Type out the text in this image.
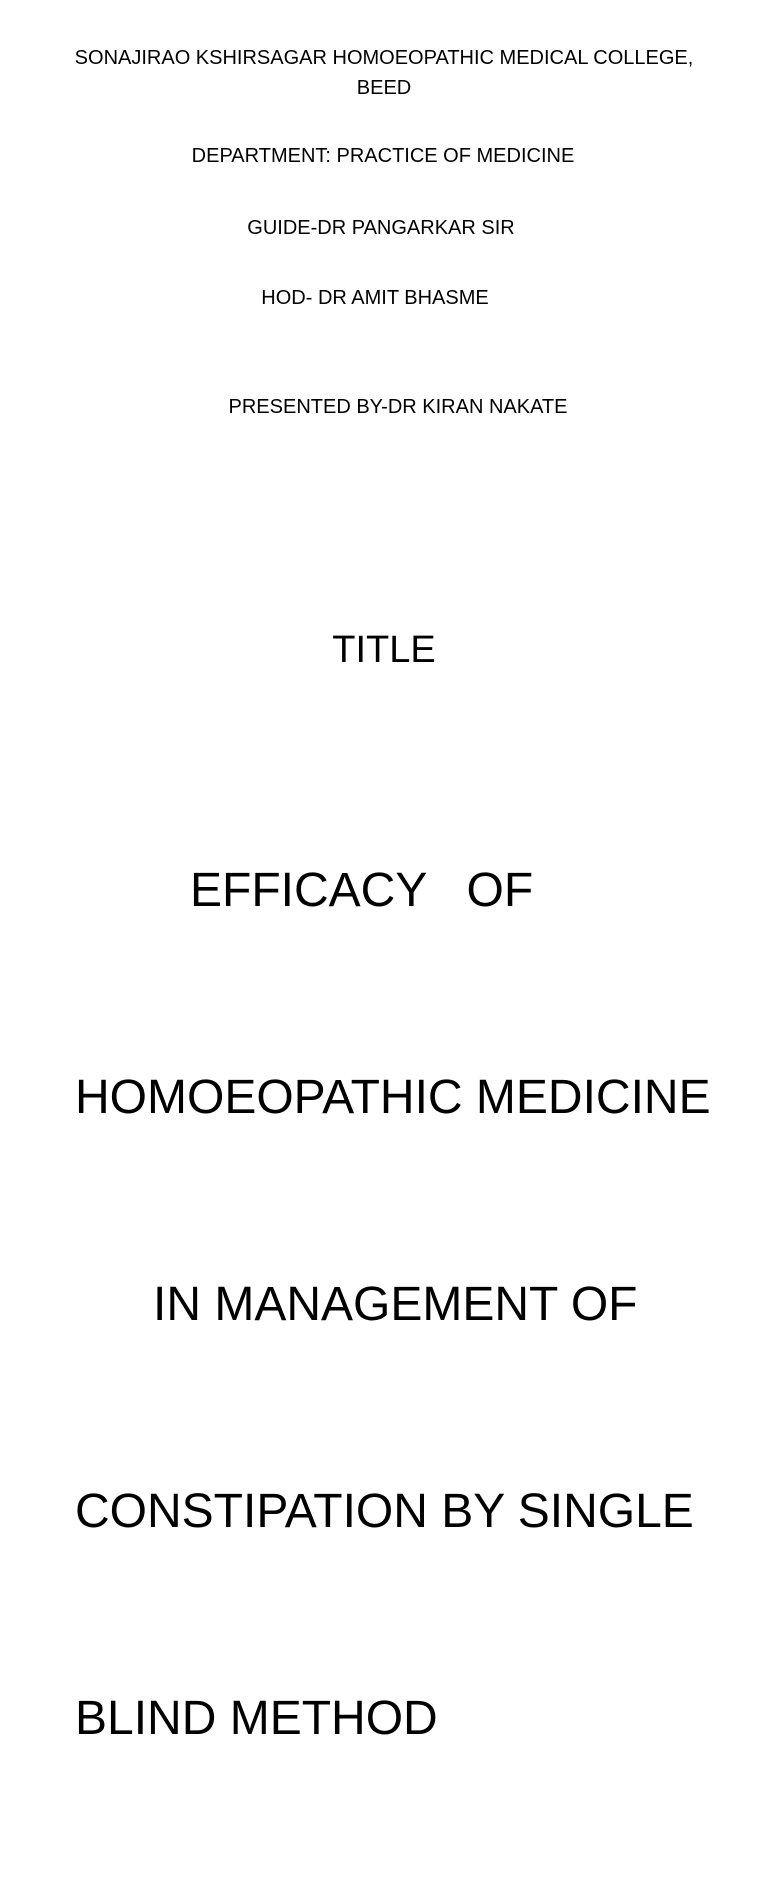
SONAJIRAO KSHIRSAGAR HOMOEOPATHIC MEDICAL COLLEGE,
BEED
DEPARTMENT: PRACTICE OF MEDICINE
GUIDE-DR PANGARKAR SIR
HOD- DR AMIT BHASME
PRESENTED BY-DR KIRAN NAKATE
TITLE

EFFICACY   OF

HOMOEOPATHIC MEDICINE

IN MANAGEMENT OF

CONSTIPATION BY SINGLE

BLIND METHOD
